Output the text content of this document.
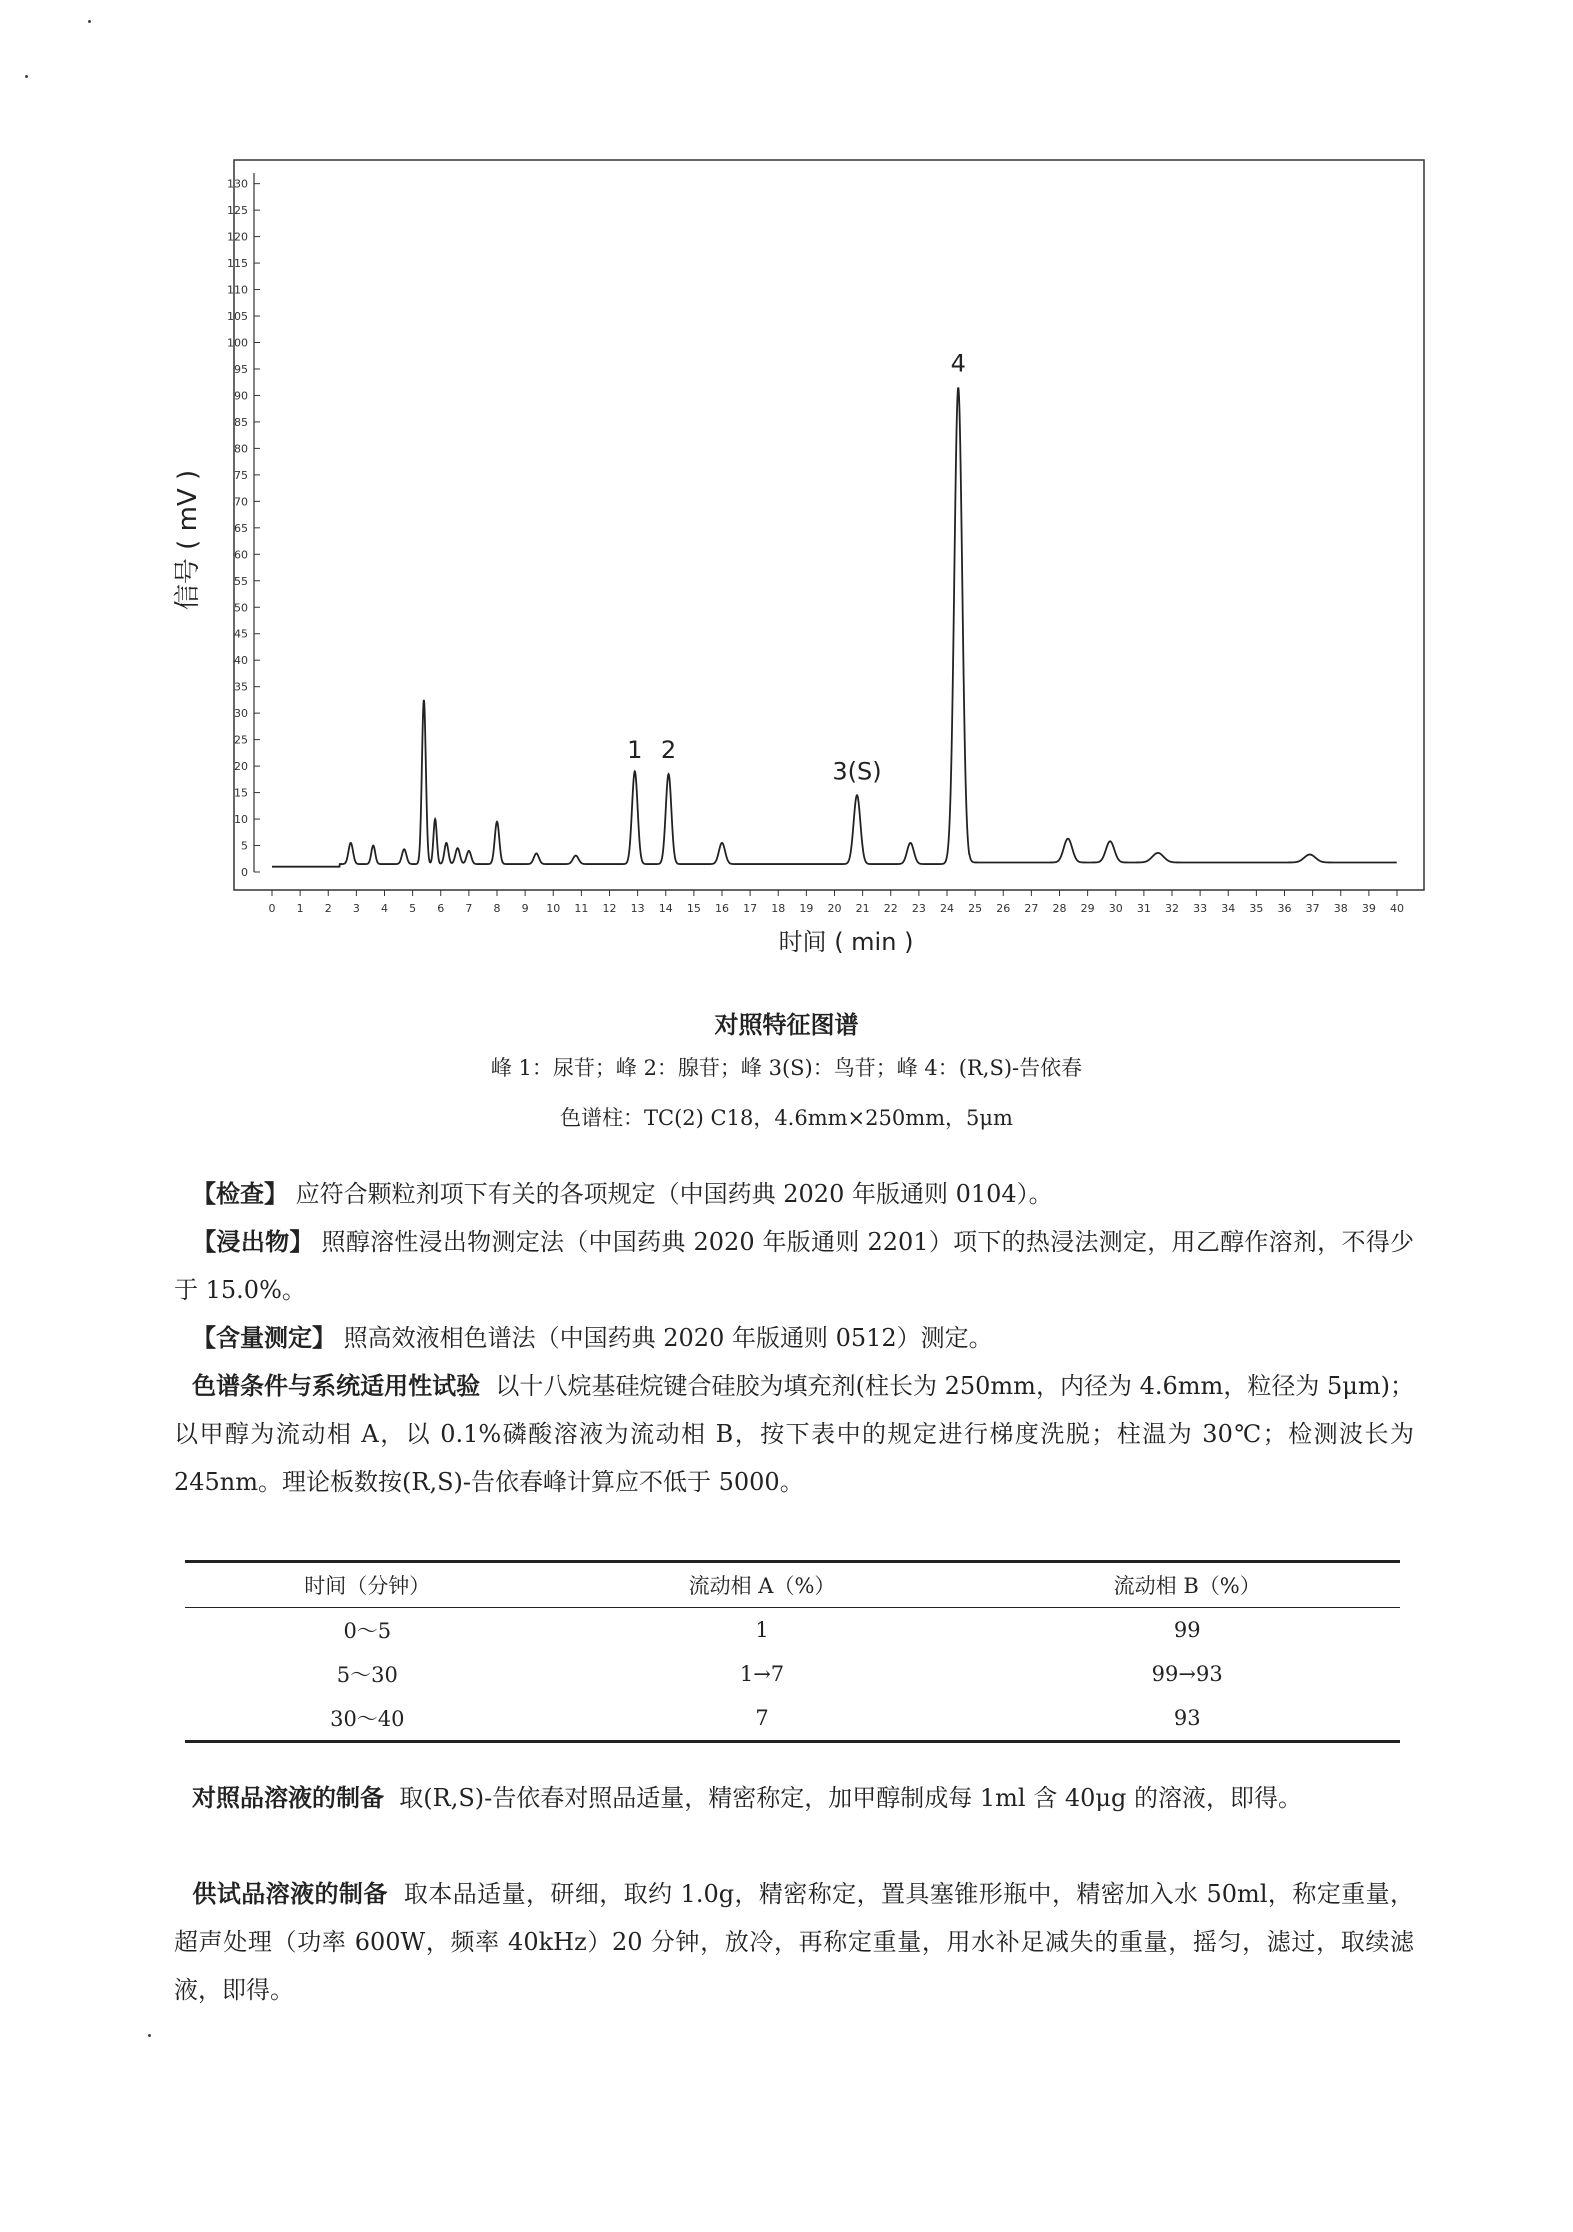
0
5
10
15
20
25
30
35
40
45
50
55
60
65
70
75
80
85
90
95
100
105
110
115
120
125
130
0 1 2 3 4 5 6 7 8 9 10 11 12 13 14 15 16 17 18 19 20 21 22 23 24 25 26 27 28 29 30 31 32 33 34 35 36 37 38 39 40
1 2
3(S)
4
信号 ( mV )
时间 ( min )
对照特征图谱
峰 1：尿苷；峰 2：腺苷；峰 3(S)：鸟苷；峰 4：(R,S)-告依春
色谱柱：TC(2) C18，4.6mm×250mm，5μm
【检查】 应符合颗粒剂项下有关的各项规定（中国药典 2020 年版通则 0104）。
【浸出物】 照醇溶性浸出物测定法（中国药典 2020 年版通则 2201）项下的热浸法测定，用乙醇作溶剂，不得少于 15.0%。
【含量测定】 照高效液相色谱法（中国药典 2020 年版通则 0512）测定。
色谱条件与系统适用性试验 以十八烷基硅烷键合硅胶为填充剂(柱长为 250mm，内径为 4.6mm，粒径为 5μm)；以甲醇为流动相 A，以 0.1%磷酸溶液为流动相 B，按下表中的规定进行梯度洗脱；柱温为 30℃；检测波长为 245nm。理论板数按(R,S)-告依春峰计算应不低于 5000。
时间（分钟）	流动相 A（%）	流动相 B（%）
0～5	1	99
5～30	1→7	99→93
30～40	7	93
对照品溶液的制备 取(R,S)-告依春对照品适量，精密称定，加甲醇制成每 1ml 含 40μg 的溶液，即得。
供试品溶液的制备 取本品适量，研细，取约 1.0g，精密称定，置具塞锥形瓶中，精密加入水 50ml，称定重量，超声处理（功率 600W，频率 40kHz）20 分钟，放冷，再称定重量，用水补足减失的重量，摇匀，滤过，取续滤液，即得。
